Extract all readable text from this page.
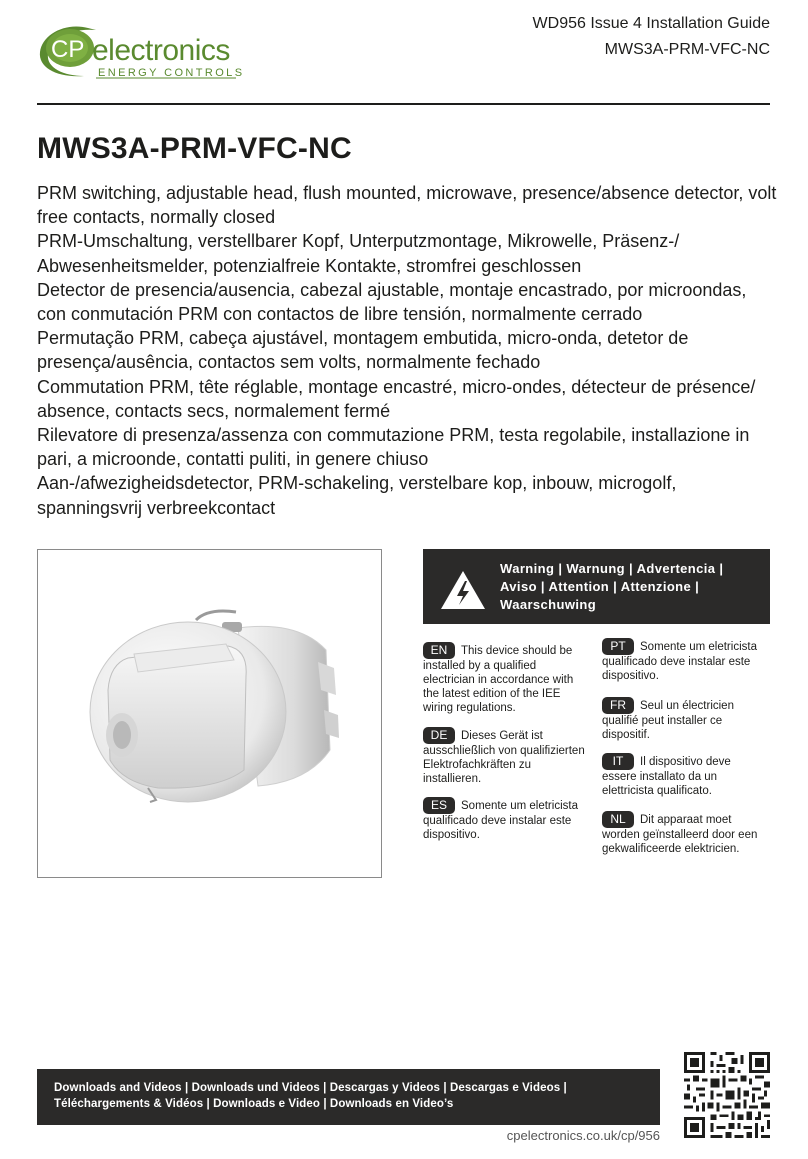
CP electronics
ENERGY CONTROLS
WD956 Issue 4 Installation Guide
MWS3A-PRM-VFC-NC
MWS3A-PRM-VFC-NC

PRM switching, adjustable head, flush mounted, microwave, presence/absence detector, volt free contacts, normally closed

PRM-Umschaltung, verstellbarer Kopf, Unterputzmontage, Mikrowelle, Präsenz-/ Abwesenheitsmelder, potenzialfreie Kontakte, stromfrei geschlossen

Detector de presencia/ausencia, cabezal ajustable, montaje encastrado, por microondas, con conmutación PRM con contactos de libre tensión, normalmente cerrado

Permutação PRM, cabeça ajustável, montagem embutida, micro-onda, detetor de presença/ausência, contactos sem volts, normalmente fechado

Commutation PRM, tête réglable, montage encastré, micro-ondes, détecteur de présence/ absence, contacts secs, normalement fermé

Rilevatore di presenza/assenza con commutazione PRM, testa regolabile, installazione in pari, a microonde, contatti puliti, in genere chiuso

Aan-/afwezigheidsdetector, PRM-schakeling, verstelbare kop, inbouw, microgolf, spanningsvrij verbreekcontact

Warning | Warnung | Advertencia | Aviso | Attention | Attenzione | Waarschuwing
EN This device should be installed by a qualified electrician in accordance with the latest edition of the IEE wiring regulations.
DE Dieses Gerät ist ausschließlich von qualifizierten Elektrofachkräften zu installieren.
ES Somente um eletricista qualificado deve instalar este dispositivo.
PT Somente um eletricista qualificado deve instalar este dispositivo.
FR Seul un électricien qualifié peut installer ce dispositif.
IT Il dispositivo deve essere installato da un elettricista qualificato.
NL Dit apparaat moet worden geïnstalleerd door een gekwalificeerde elektricien.
Downloads and Videos | Downloads und Videos | Descargas y Videos | Descargas e Videos | Téléchargements & Vidéos | Downloads e Video | Downloads en Video’s
cpelectronics.co.uk/cp/956
